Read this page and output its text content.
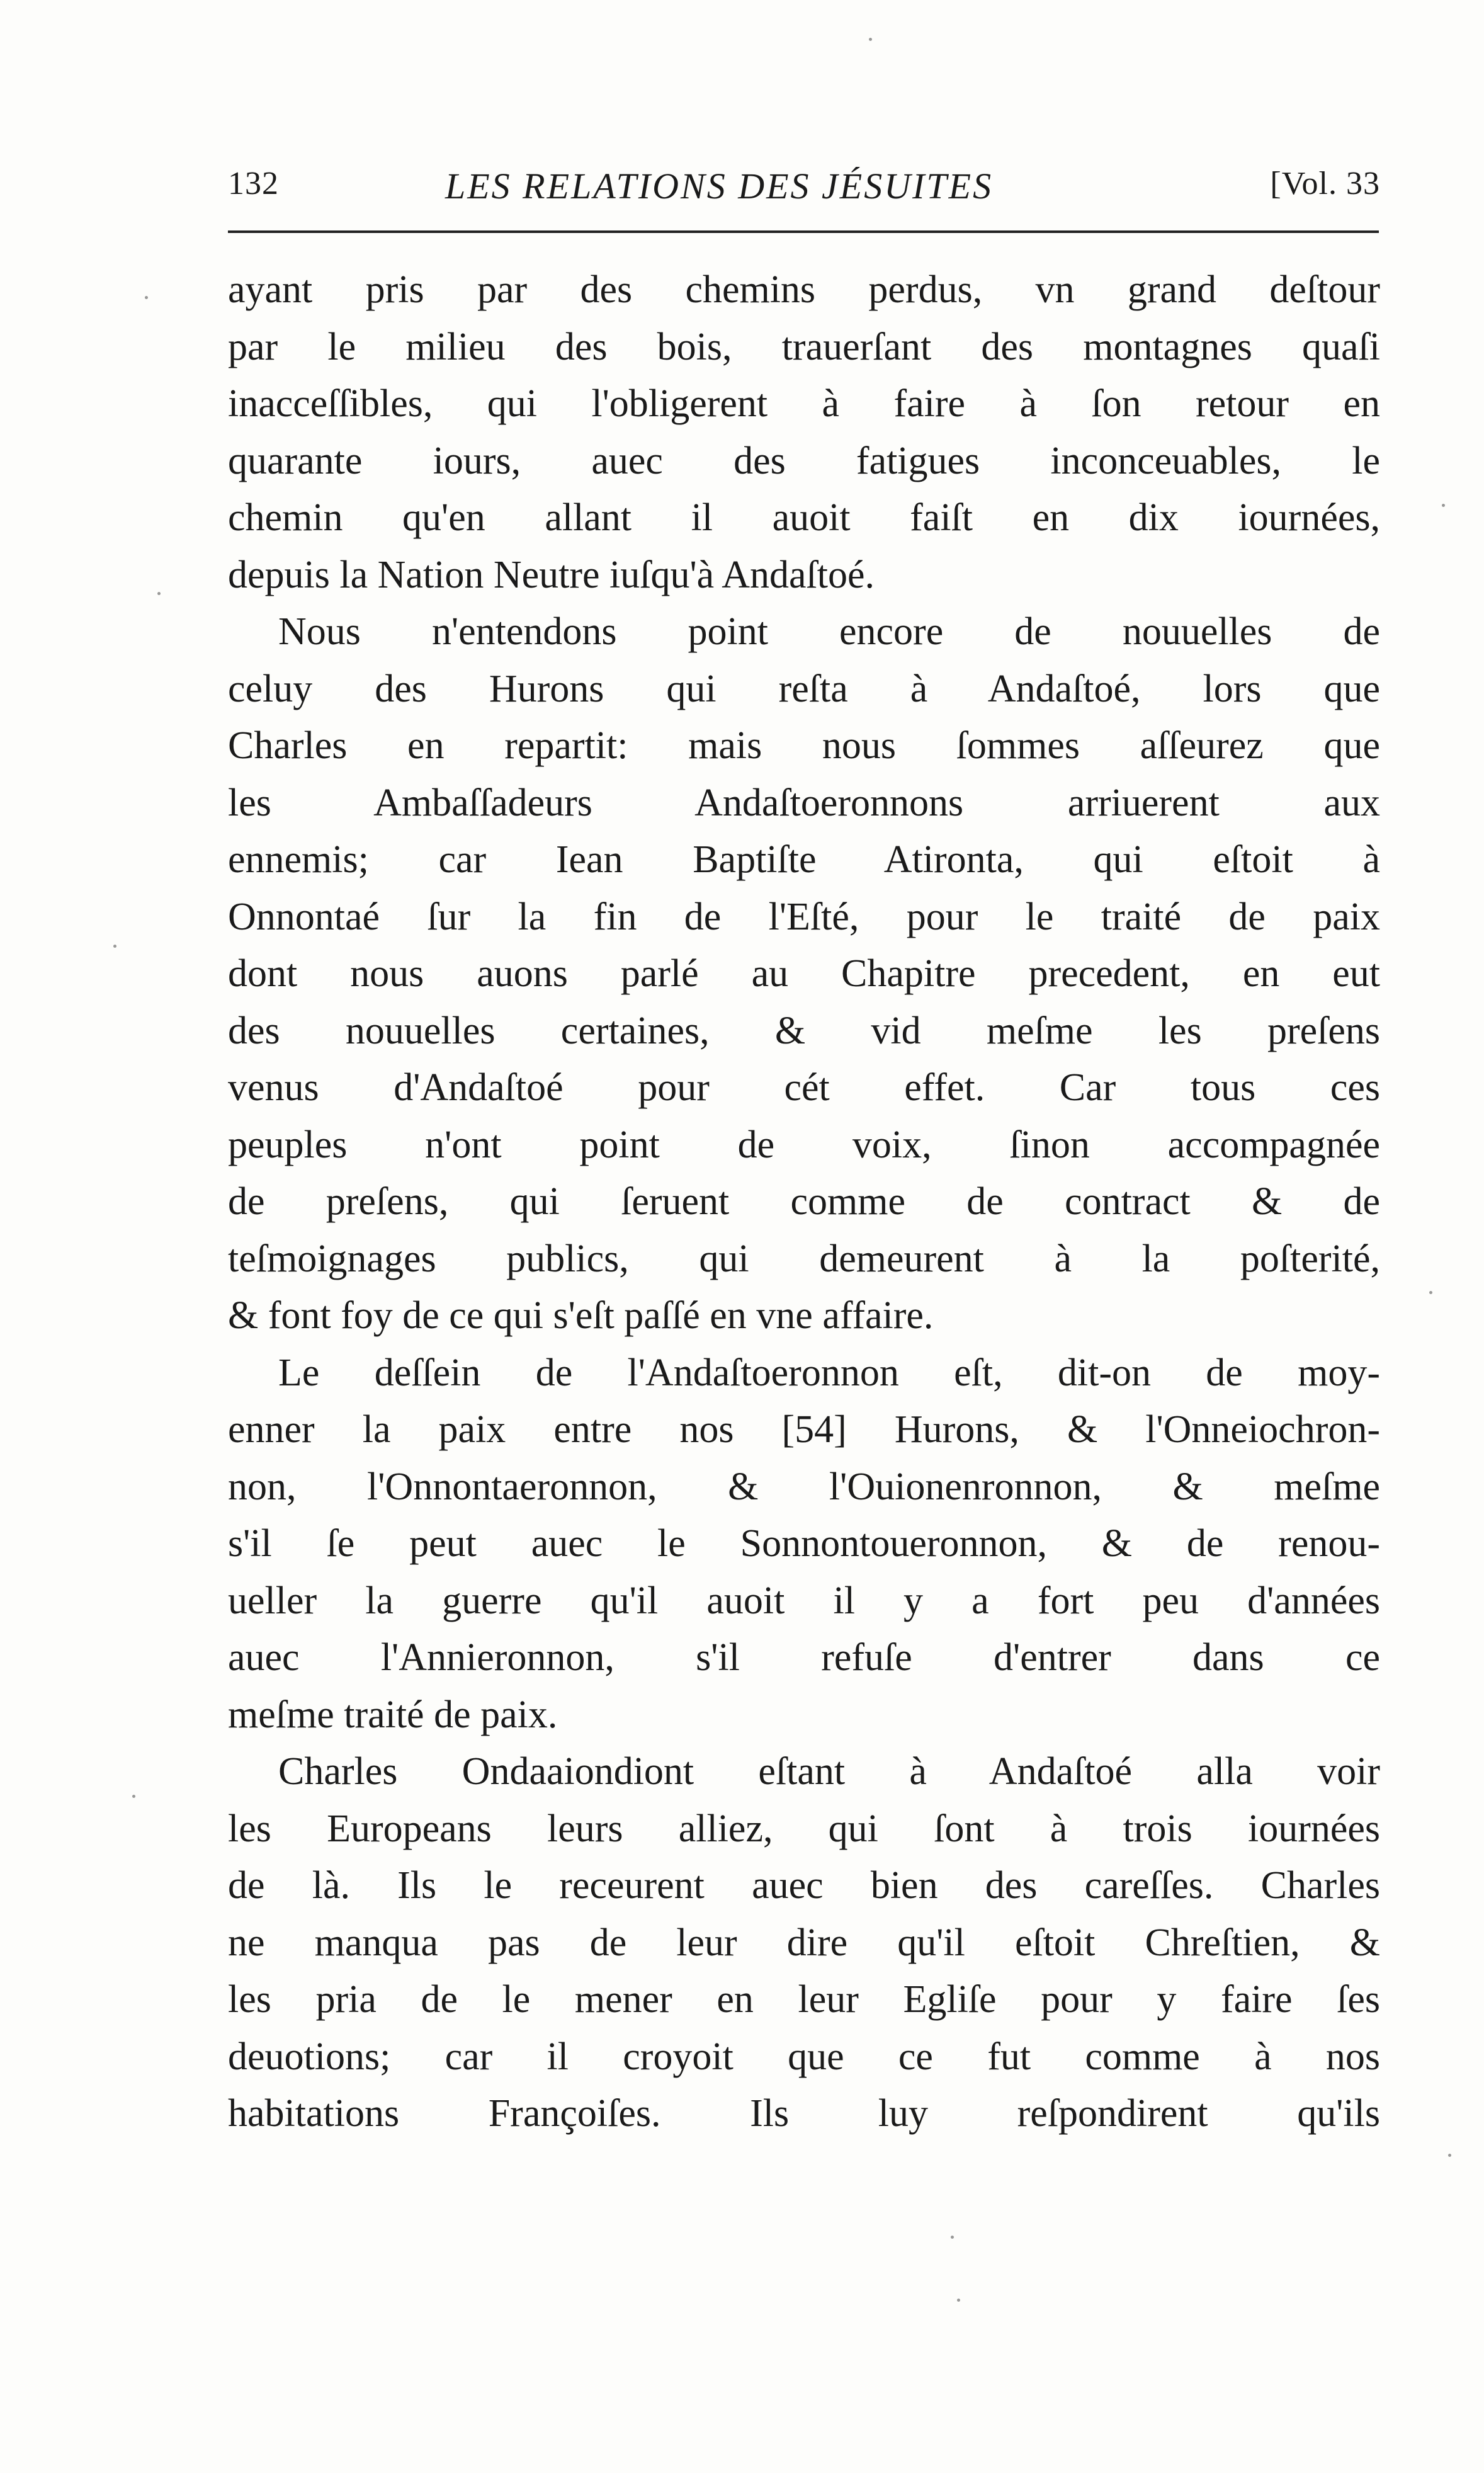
132	LES RELATIONS DES JÉSUITES	[Vol. 33
ayant pris par des chemins perdus, vn grand deſtour
par le milieu des bois, trauerſant des montagnes quaſi
inacceſſibles, qui l'obligerent à faire à ſon retour en
quarante iours, auec des fatigues inconceuables, le
chemin qu'en allant il auoit faiſt en dix iournées,
depuis la Nation Neutre iuſqu'à Andaſtoé.
Nous n'entendons point encore de nouuelles de
celuy des Hurons qui reſta à Andaſtoé, lors que
Charles en repartit: mais nous ſommes aſſeurez que
les Ambaſſadeurs Andaſtoeronnons arriuerent aux
ennemis; car Iean Baptiſte Atironta, qui eſtoit à
Onnontaé ſur la fin de l'Eſté, pour le traité de paix
dont nous auons parlé au Chapitre precedent, en eut
des nouuelles certaines, & vid meſme les preſens
venus d'Andaſtoé pour cét effet. Car tous ces
peuples n'ont point de voix, ſinon accompagnée
de preſens, qui ſeruent comme de contract & de
teſmoignages publics, qui demeurent à la poſterité,
& font foy de ce qui s'eſt paſſé en vne affaire.
Le deſſein de l'Andaſtoeronnon eſt, dit-on de moy-
enner la paix entre nos [54] Hurons, & l'Onneiochron-
non, l'Onnontaeronnon, & l'Ouionenronnon, & meſme
s'il ſe peut auec le Sonnontoueronnon, & de renou-
ueller la guerre qu'il auoit il y a fort peu d'années
auec l'Annieronnon, s'il refuſe d'entrer dans ce
meſme traité de paix.
Charles Ondaaiondiont eſtant à Andaſtoé alla voir
les Europeans leurs alliez, qui ſont à trois iournées
de là. Ils le receurent auec bien des careſſes. Charles
ne manqua pas de leur dire qu'il eſtoit Chreſtien, &
les pria de le mener en leur Egliſe pour y faire ſes
deuotions; car il croyoit que ce fut comme à nos
habitations Françoiſes. Ils luy reſpondirent qu'ils
